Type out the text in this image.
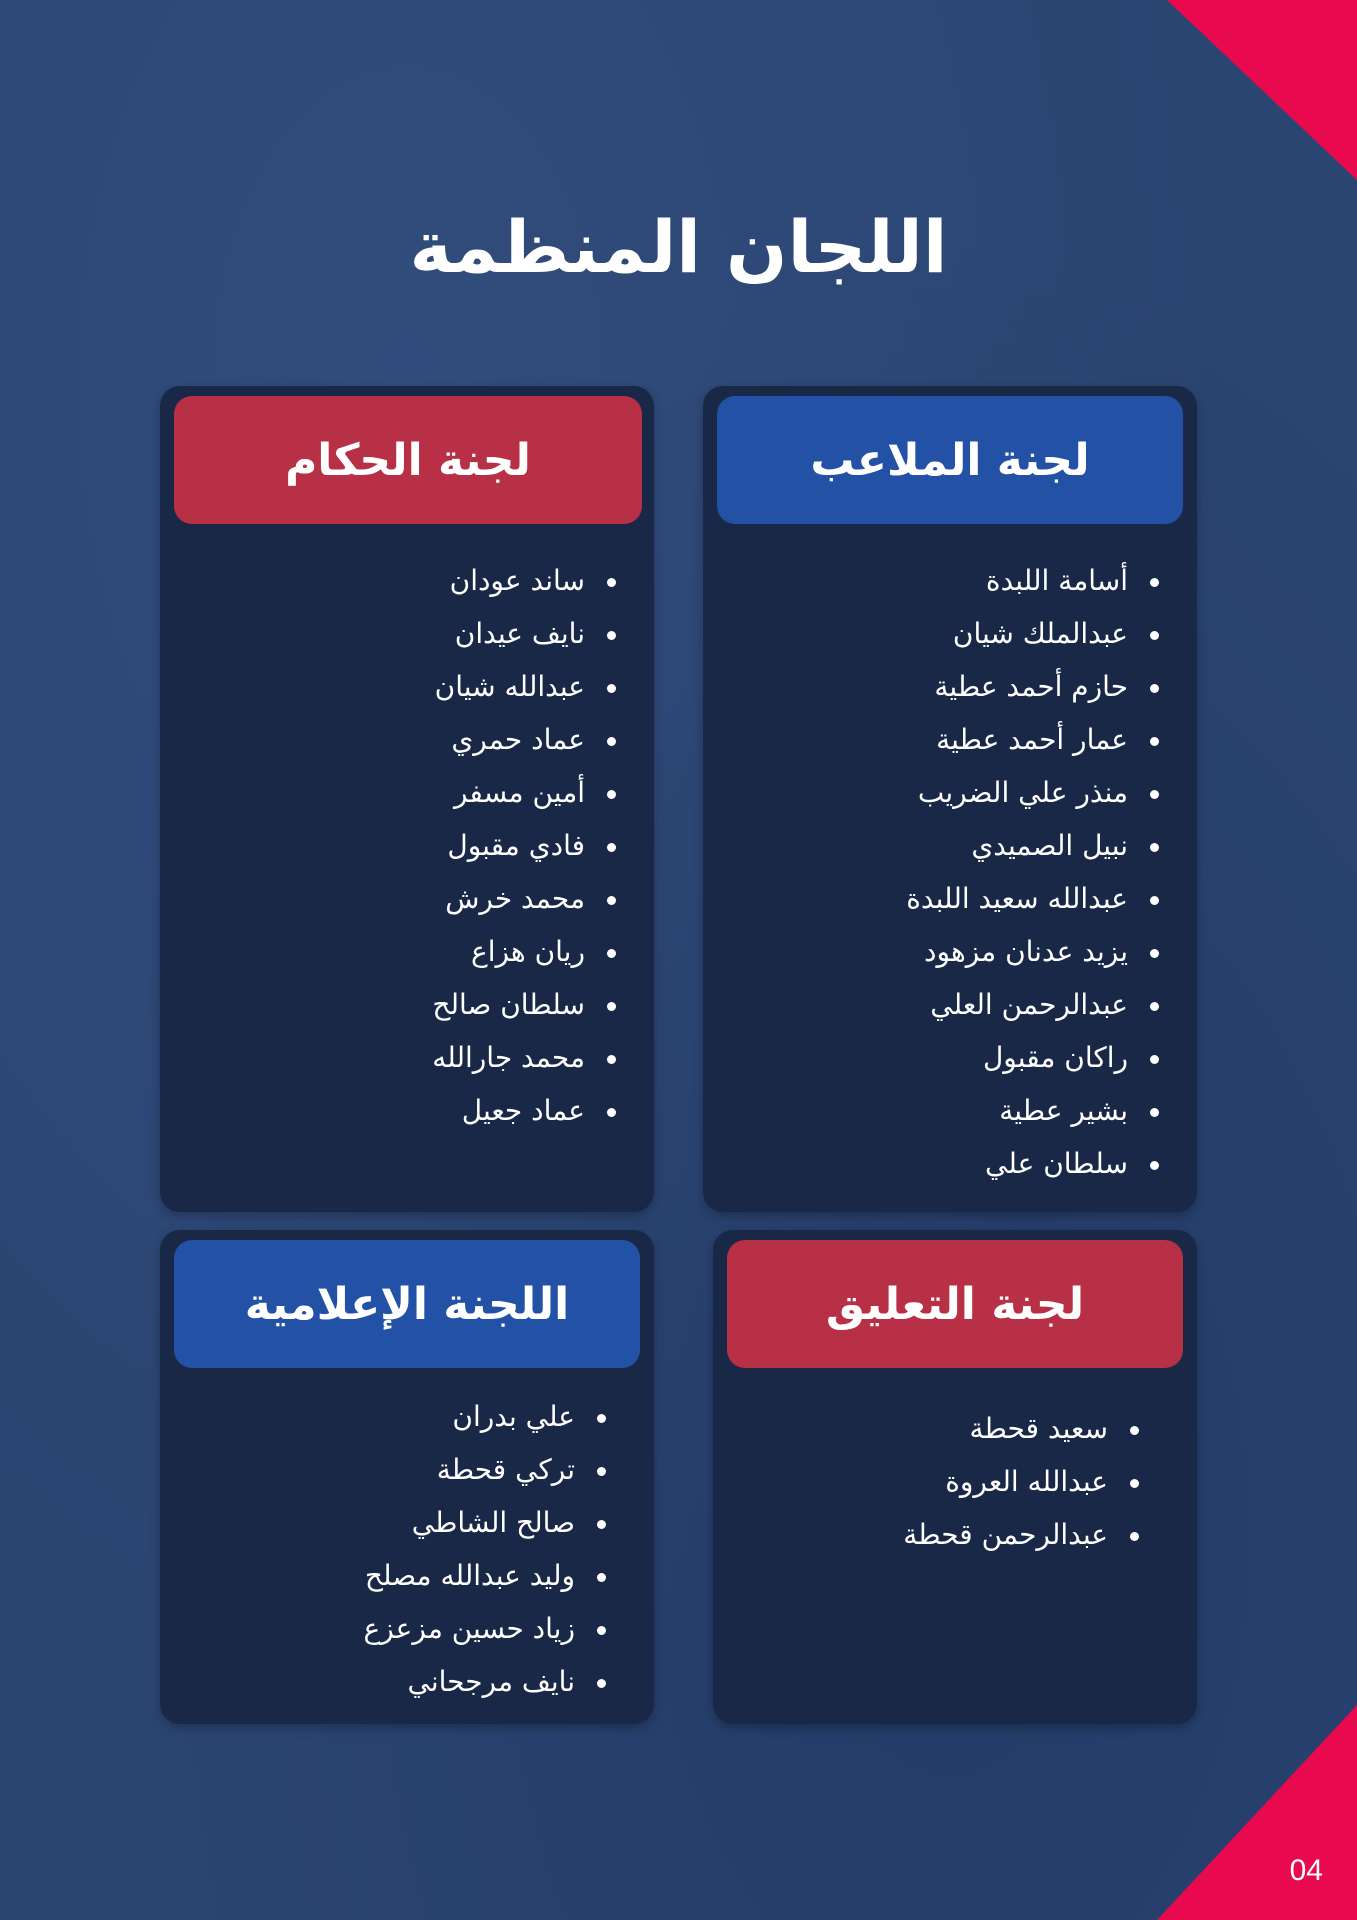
اللجان المنظمة
لجنة الملاعب
أسامة اللبدة
عبدالملك شيان
حازم أحمد عطية
عمار أحمد عطية
منذر علي الضريب
نبيل الصميدي
عبدالله سعيد اللبدة
يزيد عدنان مزهود
عبدالرحمن العلي
راكان مقبول
بشير عطية
سلطان علي
لجنة الحكام
ساند عودان
نايف عيدان
عبدالله شيان
عماد حمري
أمين مسفر
فادي مقبول
محمد خرش
ريان هزاع
سلطان صالح
محمد جارالله
عماد جعيل
لجنة التعليق
سعيد قحطة
عبدالله العروة
عبدالرحمن قحطة
اللجنة الإعلامية
علي بدران
تركي قحطة
صالح الشاطي
وليد عبدالله مصلح
زياد حسين مزعزع
نايف مرجحاني
04
